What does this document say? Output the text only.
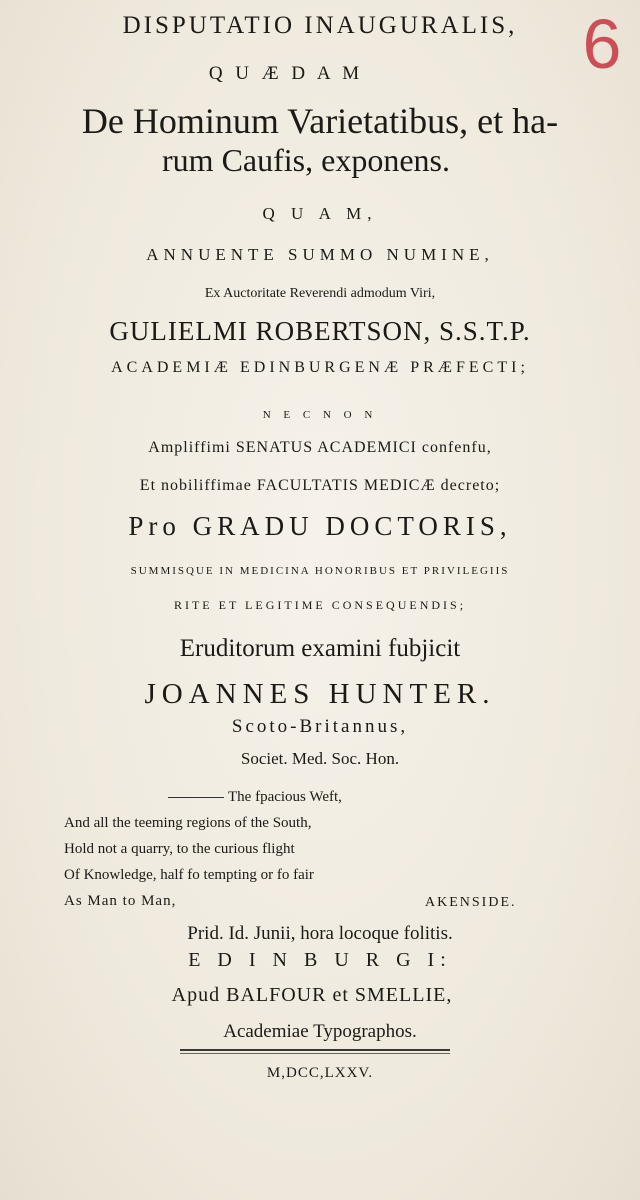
6
DISPUTATIO INAUGURALIS,
Q U Æ D A M
De Hominum Varietatibus, et ha-
rum Caufis, exponens.
Q U A M,
ANNUENTE SUMMO NUMINE,
Ex Auctoritate Reverendi admodum Viri,
GULIELMI ROBERTSON, S.S.T.P.
ACADEMIÆ EDINBURGENÆ PRÆFECTI;
N E C N O N
Ampliffimi SENATUS ACADEMICI confenfu,
Et nobiliffimae FACULTATIS MEDICÆ decreto;
Pro GRADU DOCTORIS,
SUMMISQUE IN MEDICINA HONORIBUS ET PRIVILEGIIS
RITE ET LEGITIME CONSEQUENDIS;
Eruditorum examini fubjicit
JOANNES HUNTER.
Scoto-Britannus,
Societ. Med. Soc. Hon.
The fpacious Weft,
And all the teeming regions of the South,
Hold not a quarry, to the curious flight
Of Knowledge, half fo tempting or fo fair
As Man to Man,	AKENSIDE.
Prid. Id. Junii, hora locoque folitis.
E D I N B U R G I:
Apud BALFOUR et SMELLIE,
Academiae Typographos.
M,DCC,LXXV.
